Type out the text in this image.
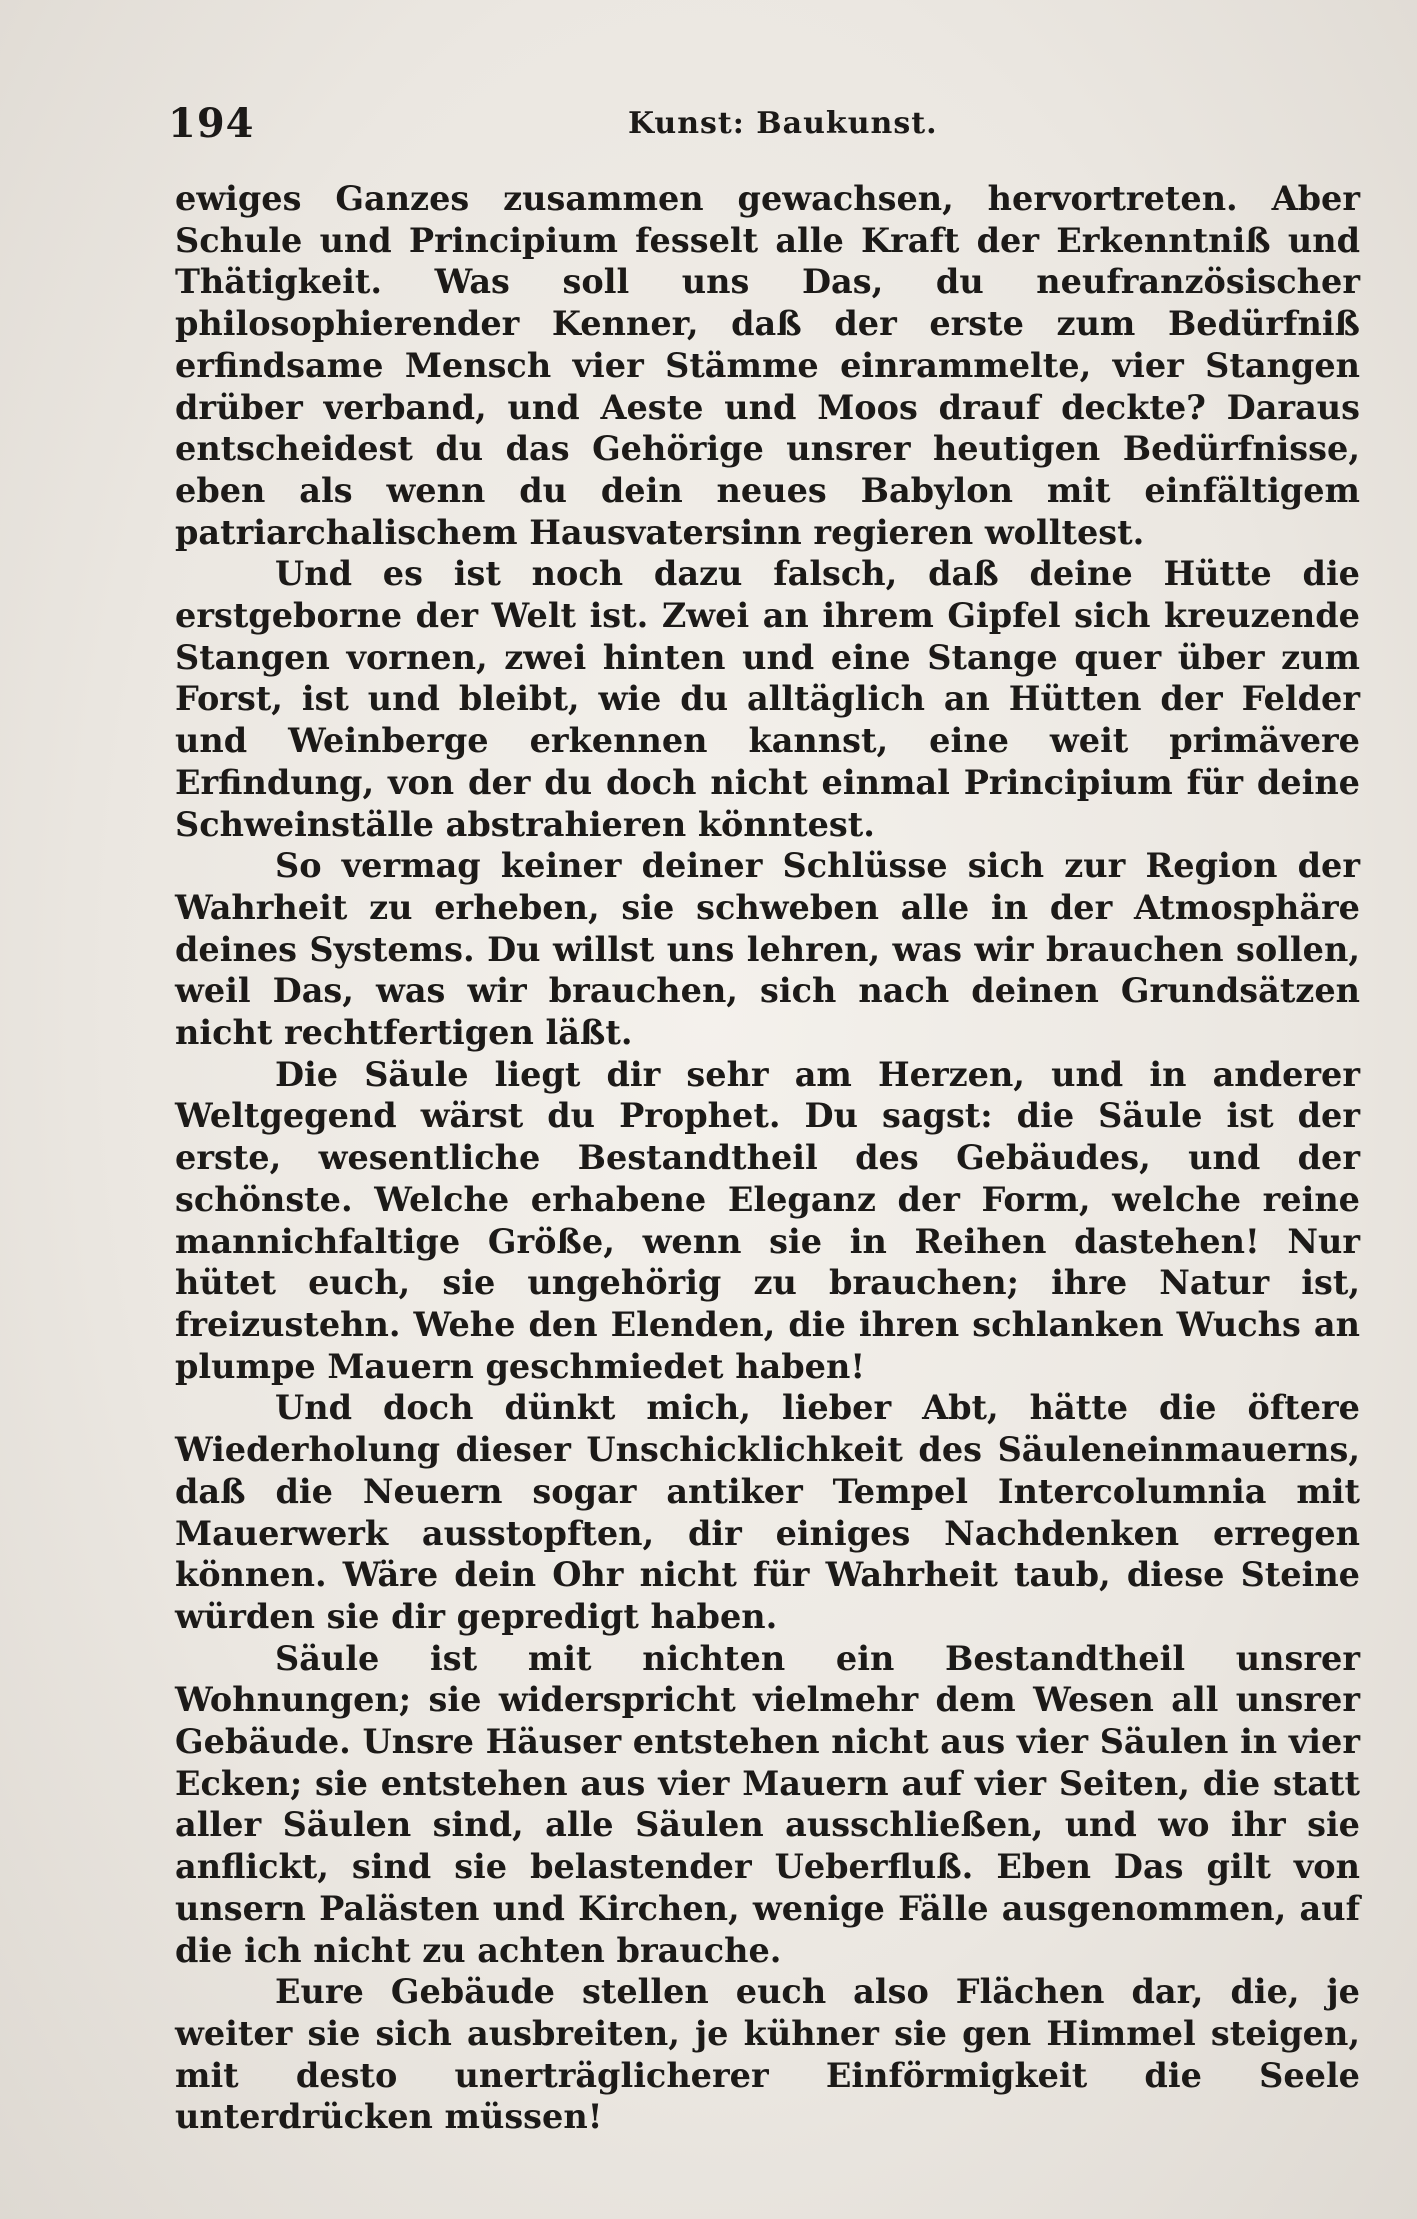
194	Kunst: Baukunst.

ewiges Ganzes zusammen gewachsen, hervortreten. Aber Schule und Principium fesselt alle Kraft der Erkenntniß und Thätigkeit. Was soll uns Das, du neufranzösischer philosophierender Kenner, daß der erste zum Bedürfniß erfindsame Mensch vier Stämme einrammelte, vier Stangen drüber verband, und Aeste und Moos drauf deckte? Daraus entscheidest du das Gehörige unsrer heutigen Bedürfnisse, eben als wenn du dein neues Babylon mit einfältigem patriarchalischem Hausvatersinn regieren wolltest.

Und es ist noch dazu falsch, daß deine Hütte die erstgeborne der Welt ist. Zwei an ihrem Gipfel sich kreuzende Stangen vornen, zwei hinten und eine Stange quer über zum Forst, ist und bleibt, wie du alltäglich an Hütten der Felder und Weinberge erkennen kannst, eine weit primävere Erfindung, von der du doch nicht einmal Principium für deine Schweinställe abstrahieren könntest.

So vermag keiner deiner Schlüsse sich zur Region der Wahrheit zu erheben, sie schweben alle in der Atmosphäre deines Systems. Du willst uns lehren, was wir brauchen sollen, weil Das, was wir brauchen, sich nach deinen Grundsätzen nicht rechtfertigen läßt.

Die Säule liegt dir sehr am Herzen, und in anderer Weltgegend wärst du Prophet. Du sagst: die Säule ist der erste, wesentliche Bestandtheil des Gebäudes, und der schönste. Welche erhabene Eleganz der Form, welche reine mannichfaltige Größe, wenn sie in Reihen dastehen! Nur hütet euch, sie ungehörig zu brauchen; ihre Natur ist, freizustehn. Wehe den Elenden, die ihren schlanken Wuchs an plumpe Mauern geschmiedet haben!

Und doch dünkt mich, lieber Abt, hätte die öftere Wiederholung dieser Unschicklichkeit des Säuleneinmauerns, daß die Neuern sogar antiker Tempel Intercolumnia mit Mauerwerk ausstopften, dir einiges Nachdenken erregen können. Wäre dein Ohr nicht für Wahrheit taub, diese Steine würden sie dir gepredigt haben.

Säule ist mit nichten ein Bestandtheil unsrer Wohnungen; sie widerspricht vielmehr dem Wesen all unsrer Gebäude. Unsre Häuser entstehen nicht aus vier Säulen in vier Ecken; sie entstehen aus vier Mauern auf vier Seiten, die statt aller Säulen sind, alle Säulen ausschließen, und wo ihr sie anflickt, sind sie belastender Ueberfluß. Eben Das gilt von unsern Palästen und Kirchen, wenige Fälle ausgenommen, auf die ich nicht zu achten brauche.

Eure Gebäude stellen euch also Flächen dar, die, je weiter sie sich ausbreiten, je kühner sie gen Himmel steigen, mit desto unerträglicherer Einförmigkeit die Seele unterdrücken müssen!
